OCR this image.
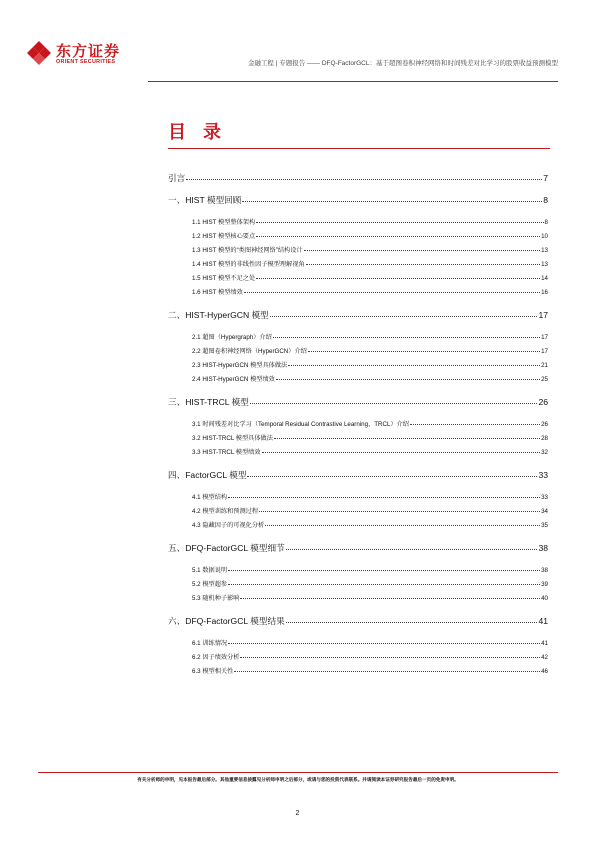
东方证券
ORIENT SECURITIES	金融工程 | 专题报告 —— DFQ-FactorGCL：基于超图卷积神经网络和时间残差对比学习的股票收益预测模型
目 录
引言	7
一、HIST 模型回顾	8
1.1 HIST 模型整体架构	8
1.2 HIST 模型核心要点	10
1.3 HIST 模型的“类图神经网络”结构设计	13
1.4 HIST 模型的非线性因子模型理解视角	13
1.5 HIST 模型不足之处	14
1.6 HIST 模型绩效	16
二、HIST-HyperGCN 模型	17
2.1 超图（Hypergraph）介绍	17
2.2 超图卷积神经网络（HyperGCN）介绍	17
2.3 HIST-HyperGCN 模型具体做法	21
2.4 HIST-HyperGCN 模型绩效	25
三、HIST-TRCL 模型	26
3.1 时间残差对比学习（Temporal Residual Contrastive Learning，TRCL）介绍	26
3.2 HIST-TRCL 模型具体做法	28
3.3 HIST-TRCL 模型绩效	32
四、FactorGCL 模型	33
4.1 模型结构	33
4.2 模型训练和预测过程	34
4.3 隐藏因子的可视化分析	35
五、DFQ-FactorGCL 模型细节	38
5.1 数据说明	38
5.2 模型超参	39
5.3 随机种子影响	40
六、DFQ-FactorGCL 模型结果	41
6.1 训练情况	41
6.2 因子绩效分析	42
6.3 模型相关性	46
有关分析师的申明，见本报告最后部分。其他重要信息披露见分析师申明之后部分，或请与您的投资代表联系。并请阅读本证券研究报告最后一页的免责申明。
2
